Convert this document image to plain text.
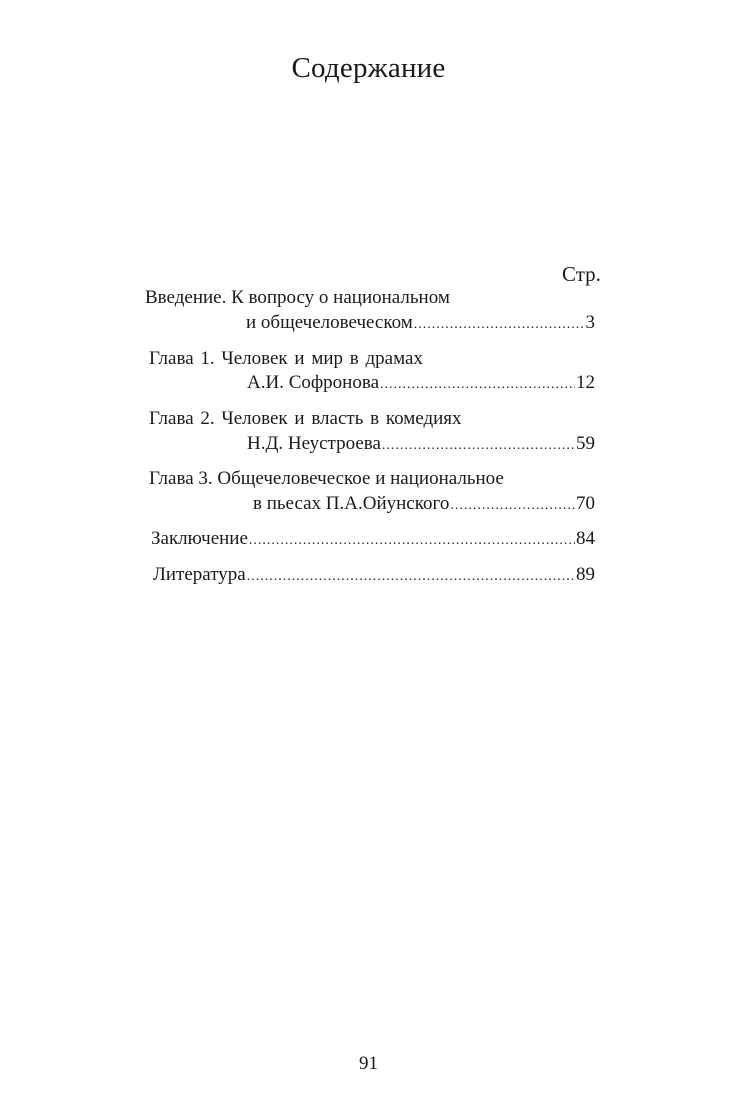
Содержание
Стр.
Введение. К вопросу о национальном
и общечеловеческом .....	3
Глава 1. Человек и мир в драмах
А.И. Софронова .....	12
Глава 2. Человек и власть в комедиях
Н.Д. Неустроева .....	59
Глава 3. Общечеловеческое и национальное
в пьесах П.А.Ойунского .....	70
Заключение .....	84
Литература .....	89
91
